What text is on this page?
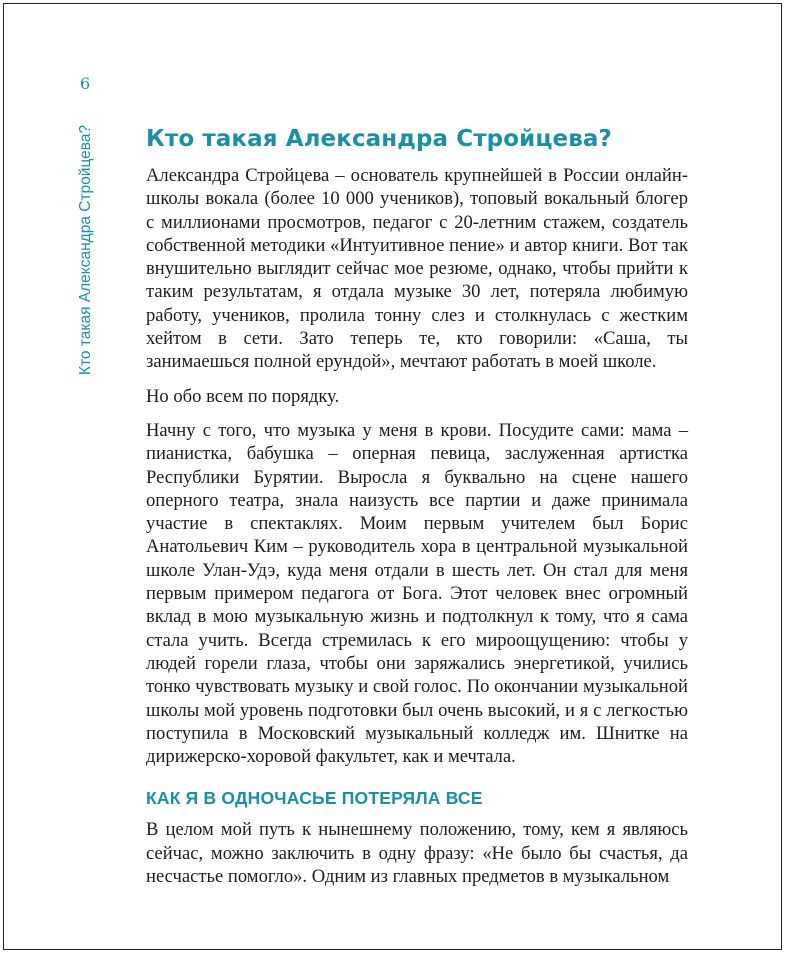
6
Кто такая Александра Стройцева? Кто такая Александра Стройцева?

Александра Стройцева – основатель крупнейшей в России онлайн-школы вокала (более 10 000 учеников), топовый вокальный блогер с миллионами просмотров, педагог с 20-летним стажем, создатель собственной методики «Интуитивное пение» и автор книги. Вот так внушительно выглядит сейчас мое резюме, однако, чтобы прийти к таким результатам, я отдала музыке 30 лет, потеряла любимую работу, учеников, пролила тонну слез и столкнулась с жестким хейтом в сети. Зато теперь те, кто говорили: «Саша, ты занимаешься полной ерундой», мечтают работать в моей школе.

Но обо всем по порядку.

Начну с того, что музыка у меня в крови. Посудите сами: мама – пианистка, бабушка – оперная певица, заслуженная артистка Республики Бурятии. Выросла я буквально на сцене нашего оперного театра, знала наизусть все партии и даже принимала участие в спектаклях. Моим первым учителем был Борис Анатольевич Ким – руководитель хора в центральной музыкальной школе Улан-Удэ, куда меня отдали в шесть лет. Он стал для меня первым примером педагога от Бога. Этот человек внес огромный вклад в мою музыкальную жизнь и подтолкнул к тому, что я сама стала учить. Всегда стремилась к его мироощущению: чтобы у людей горели глаза, чтобы они заряжались энергетикой, учились тонко чувствовать музыку и свой голос. По окончании музыкальной школы мой уровень подготовки был очень высокий, и я с легкостью поступила в Московский музыкальный колледж им. Шнитке на дирижерско-хоровой факультет, как и мечтала.

КАК Я В ОДНОЧАСЬЕ ПОТЕРЯЛА ВСЕ

В целом мой путь к нынешнему положению, тому, кем я являюсь сейчас, можно заключить в одну фразу: «Не было бы счастья, да несчастье помогло». Одним из главных предметов в музыкальном
